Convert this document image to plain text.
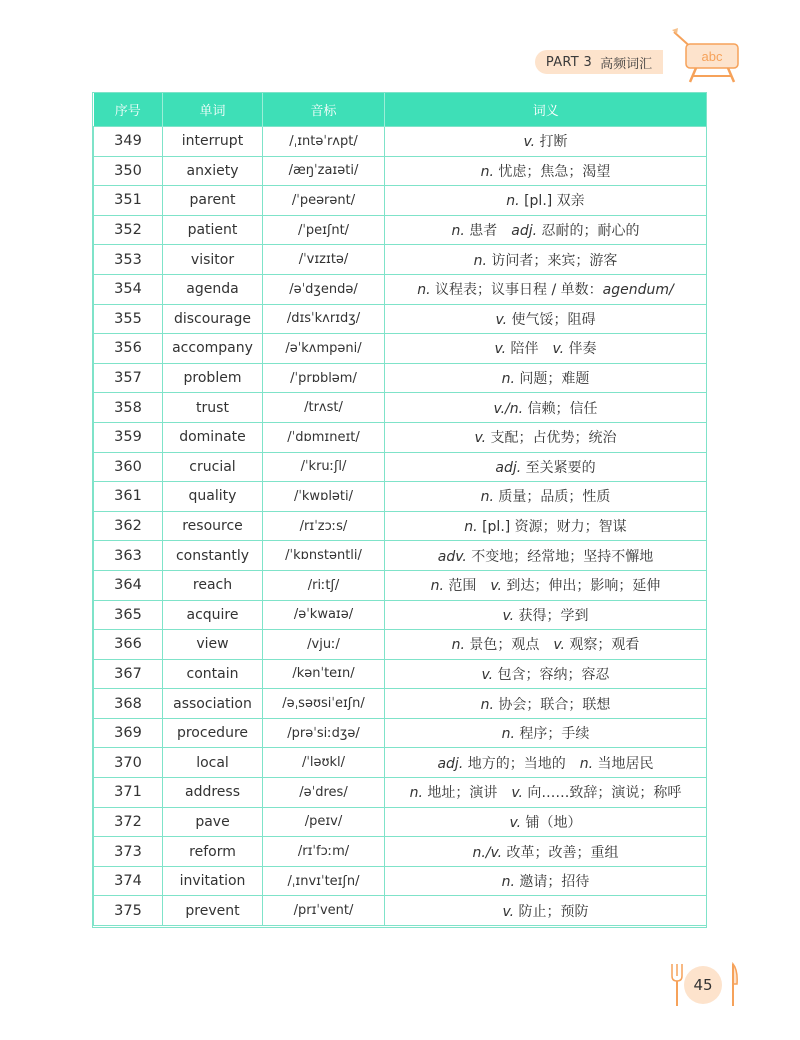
PART 3 高频词汇	abc
序号	单词	音标	词义
349	interrupt	/ˌɪntəˈrʌpt/	v. 打断
350	anxiety	/æŋˈzaɪəti/	n. 忧虑；焦急；渴望
351	parent	/ˈpeərənt/	n. [pl.] 双亲
352	patient	/ˈpeɪʃnt/	n. 患者　adj. 忍耐的；耐心的
353	visitor	/ˈvɪzɪtə/	n. 访问者；来宾；游客
354	agenda	/əˈdʒendə/	n. 议程表；议事日程 / 单数：agendum/
355	discourage	/dɪsˈkʌrɪdʒ/	v. 使气馁；阻碍
356	accompany	/əˈkʌmpəni/	v. 陪伴　v. 伴奏
357	problem	/ˈprɒbləm/	n. 问题；难题
358	trust	/trʌst/	v./n. 信赖；信任
359	dominate	/ˈdɒmɪneɪt/	v. 支配；占优势；统治
360	crucial	/ˈkruːʃl/	adj. 至关紧要的
361	quality	/ˈkwɒləti/	n. 质量；品质；性质
362	resource	/rɪˈzɔːs/	n. [pl.] 资源；财力；智谋
363	constantly	/ˈkɒnstəntli/	adv. 不变地；经常地；坚持不懈地
364	reach	/riːtʃ/	n. 范围　v. 到达；伸出；影响；延伸
365	acquire	/əˈkwaɪə/	v. 获得；学到
366	view	/vjuː/	n. 景色；观点　v. 观察；观看
367	contain	/kənˈteɪn/	v. 包含；容纳；容忍
368	association	/əˌsəʊsiˈeɪʃn/	n. 协会；联合；联想
369	procedure	/prəˈsiːdʒə/	n. 程序；手续
370	local	/ˈləʊkl/	adj. 地方的；当地的　n. 当地居民
371	address	/əˈdres/	n. 地址；演讲　v. 向……致辞；演说；称呼
372	pave	/peɪv/	v. 铺（地）
373	reform	/rɪˈfɔːm/	n./v. 改革；改善；重组
374	invitation	/ˌɪnvɪˈteɪʃn/	n. 邀请；招待
375	prevent	/prɪˈvent/	v. 防止；预防
45
